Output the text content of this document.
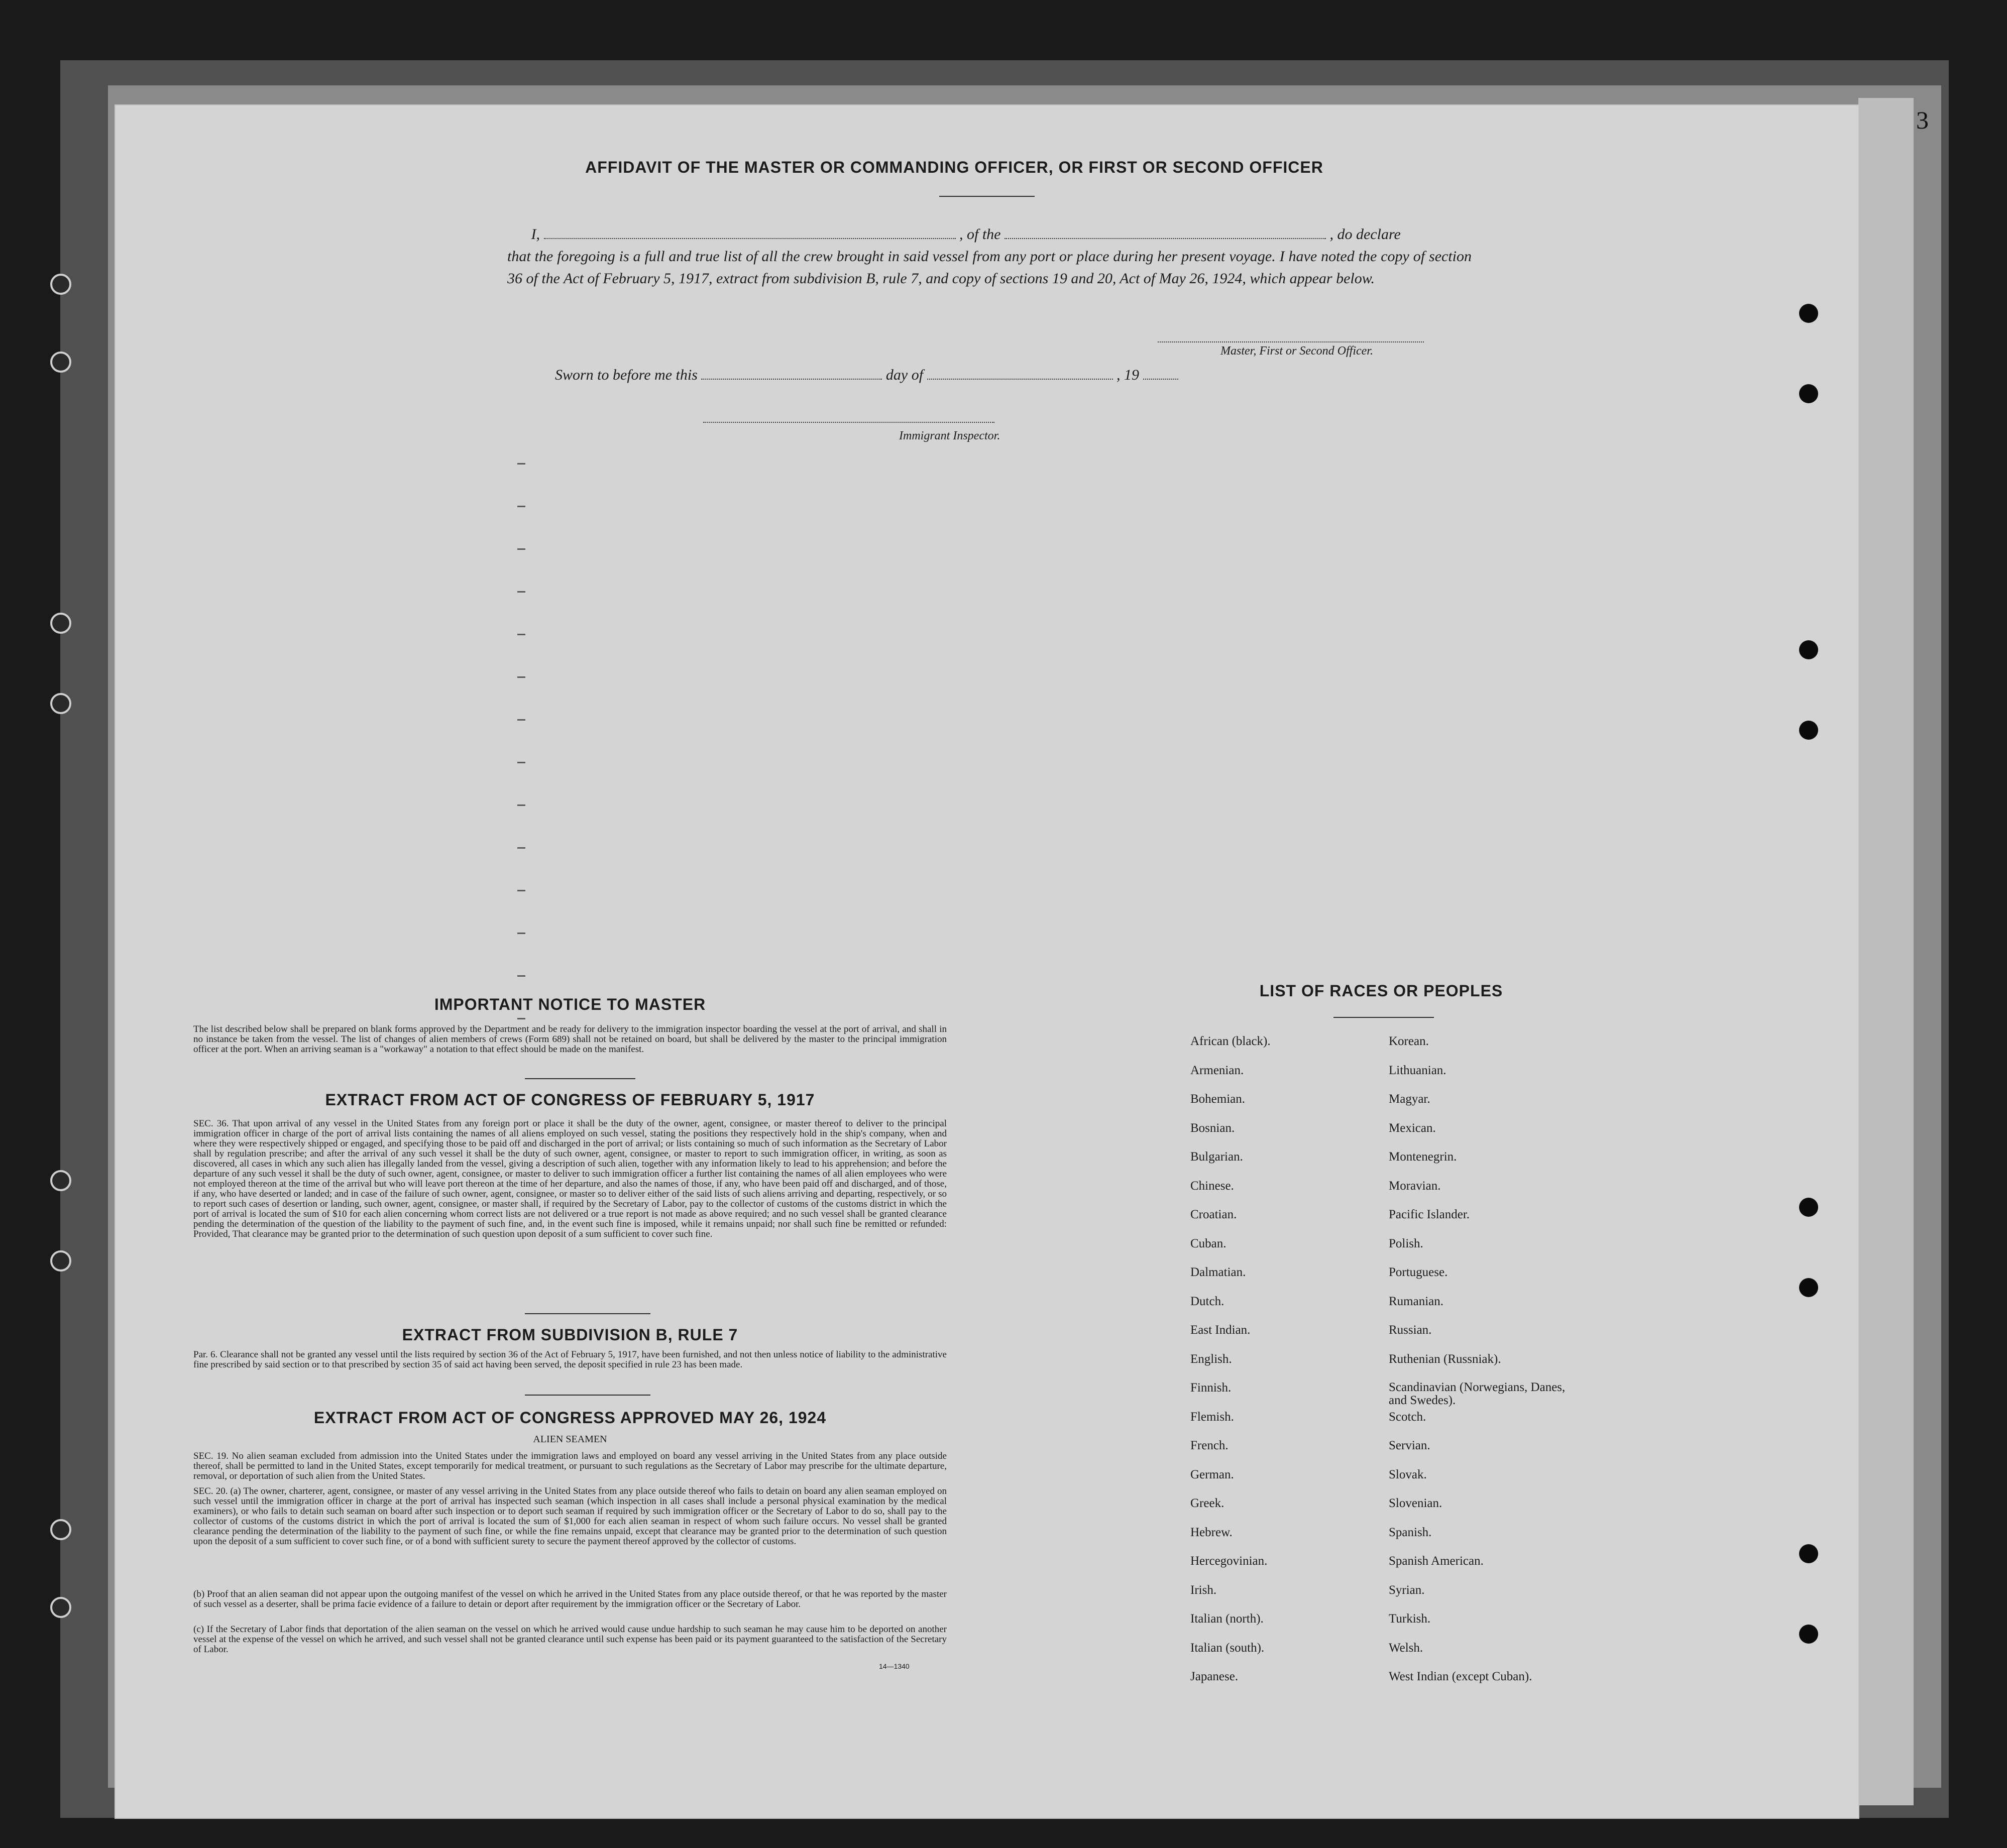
3
AFFIDAVIT OF THE MASTER OR COMMANDING OFFICER, OR FIRST OR SECOND OFFICER
I,	, of the	, do declare
that the foregoing is a full and true list of all the crew brought in said vessel from any port or place during her present voyage. I have noted the copy of section 36 of the Act of February 5, 1917, extract from subdivision B, rule 7, and copy of sections 19 and 20, Act of May 26, 1924, which appear below.
Master, First or Second Officer.
Sworn to before me this	day of	, 19
Immigrant Inspector.
IMPORTANT NOTICE TO MASTER
The list described below shall be prepared on blank forms approved by the Department and be ready for delivery to the immigration inspector boarding the vessel at the port of arrival, and shall in no instance be taken from the vessel. The list of changes of alien members of crews (Form 689) shall not be retained on board, but shall be delivered by the master to the principal immigration officer at the port. When an arriving seaman is a "workaway" a notation to that effect should be made on the manifest.
EXTRACT FROM ACT OF CONGRESS OF FEBRUARY 5, 1917
SEC. 36. That upon arrival of any vessel in the United States from any foreign port or place it shall be the duty of the owner, agent, consignee, or master thereof to deliver to the principal immigration officer in charge of the port of arrival lists containing the names of all aliens employed on such vessel, stating the positions they respectively hold in the ship's company, when and where they were respectively shipped or engaged, and specifying those to be paid off and discharged in the port of arrival; or lists containing so much of such information as the Secretary of Labor shall by regulation prescribe; and after the arrival of any such vessel it shall be the duty of such owner, agent, consignee, or master to report to such immigration officer, in writing, as soon as discovered, all cases in which any such alien has illegally landed from the vessel, giving a description of such alien, together with any information likely to lead to his apprehension; and before the departure of any such vessel it shall be the duty of such owner, agent, consignee, or master to deliver to such immigration officer a further list containing the names of all alien employees who were not employed thereon at the time of the arrival but who will leave port thereon at the time of her departure, and also the names of those, if any, who have been paid off and discharged, and of those, if any, who have deserted or landed; and in case of the failure of such owner, agent, consignee, or master so to deliver either of the said lists of such aliens arriving and departing, respectively, or so to report such cases of desertion or landing, such owner, agent, consignee, or master shall, if required by the Secretary of Labor, pay to the collector of customs of the customs district in which the port of arrival is located the sum of $10 for each alien concerning whom correct lists are not delivered or a true report is not made as above required; and no such vessel shall be granted clearance pending the determination of the question of the liability to the payment of such fine, and, in the event such fine is imposed, while it remains unpaid; nor shall such fine be remitted or refunded: Provided, That clearance may be granted prior to the determination of such question upon deposit of a sum sufficient to cover such fine.
EXTRACT FROM SUBDIVISION B, RULE 7
Par. 6. Clearance shall not be granted any vessel until the lists required by section 36 of the Act of February 5, 1917, have been furnished, and not then unless notice of liability to the administrative fine prescribed by said section or to that prescribed by section 35 of said act having been served, the deposit specified in rule 23 has been made.
EXTRACT FROM ACT OF CONGRESS APPROVED MAY 26, 1924
ALIEN SEAMEN
SEC. 19. No alien seaman excluded from admission into the United States under the immigration laws and employed on board any vessel arriving in the United States from any place outside thereof, shall be permitted to land in the United States, except temporarily for medical treatment, or pursuant to such regulations as the Secretary of Labor may prescribe for the ultimate departure, removal, or deportation of such alien from the United States.
SEC. 20. (a) The owner, charterer, agent, consignee, or master of any vessel arriving in the United States from any place outside thereof who fails to detain on board any alien seaman employed on such vessel until the immigration officer in charge at the port of arrival has inspected such seaman (which inspection in all cases shall include a personal physical examination by the medical examiners), or who fails to detain such seaman on board after such inspection or to deport such seaman if required by such immigration officer or the Secretary of Labor to do so, shall pay to the collector of customs of the customs district in which the port of arrival is located the sum of $1,000 for each alien seaman in respect of whom such failure occurs. No vessel shall be granted clearance pending the determination of the liability to the payment of such fine, or while the fine remains unpaid, except that clearance may be granted prior to the determination of such question upon the deposit of a sum sufficient to cover such fine, or of a bond with sufficient surety to secure the payment thereof approved by the collector of customs.
(b) Proof that an alien seaman did not appear upon the outgoing manifest of the vessel on which he arrived in the United States from any place outside thereof, or that he was reported by the master of such vessel as a deserter, shall be prima facie evidence of a failure to detain or deport after requirement by the immigration officer or the Secretary of Labor.
(c) If the Secretary of Labor finds that deportation of the alien seaman on the vessel on which he arrived would cause undue hardship to such seaman he may cause him to be deported on another vessel at the expense of the vessel on which he arrived, and such vessel shall not be granted clearance until such expense has been paid or its payment guaranteed to the satisfaction of the Secretary of Labor.
14—1340
LIST OF RACES OR PEOPLES
African (black).
Armenian.
Bohemian.
Bosnian.
Bulgarian.
Chinese.
Croatian.
Cuban.
Dalmatian.
Dutch.
East Indian.
English.
Finnish.
Flemish.
French.
German.
Greek.
Hebrew.
Hercegovinian.
Irish.
Italian (north).
Italian (south).
Japanese.
Korean.
Lithuanian.
Magyar.
Mexican.
Montenegrin.
Moravian.
Pacific Islander.
Polish.
Portuguese.
Rumanian.
Russian.
Ruthenian (Russniak).
Scandinavian (Norwegians, Danes, and Swedes).
Scotch.
Servian.
Slovak.
Slovenian.
Spanish.
Spanish American.
Syrian.
Turkish.
Welsh.
West Indian (except Cuban).
